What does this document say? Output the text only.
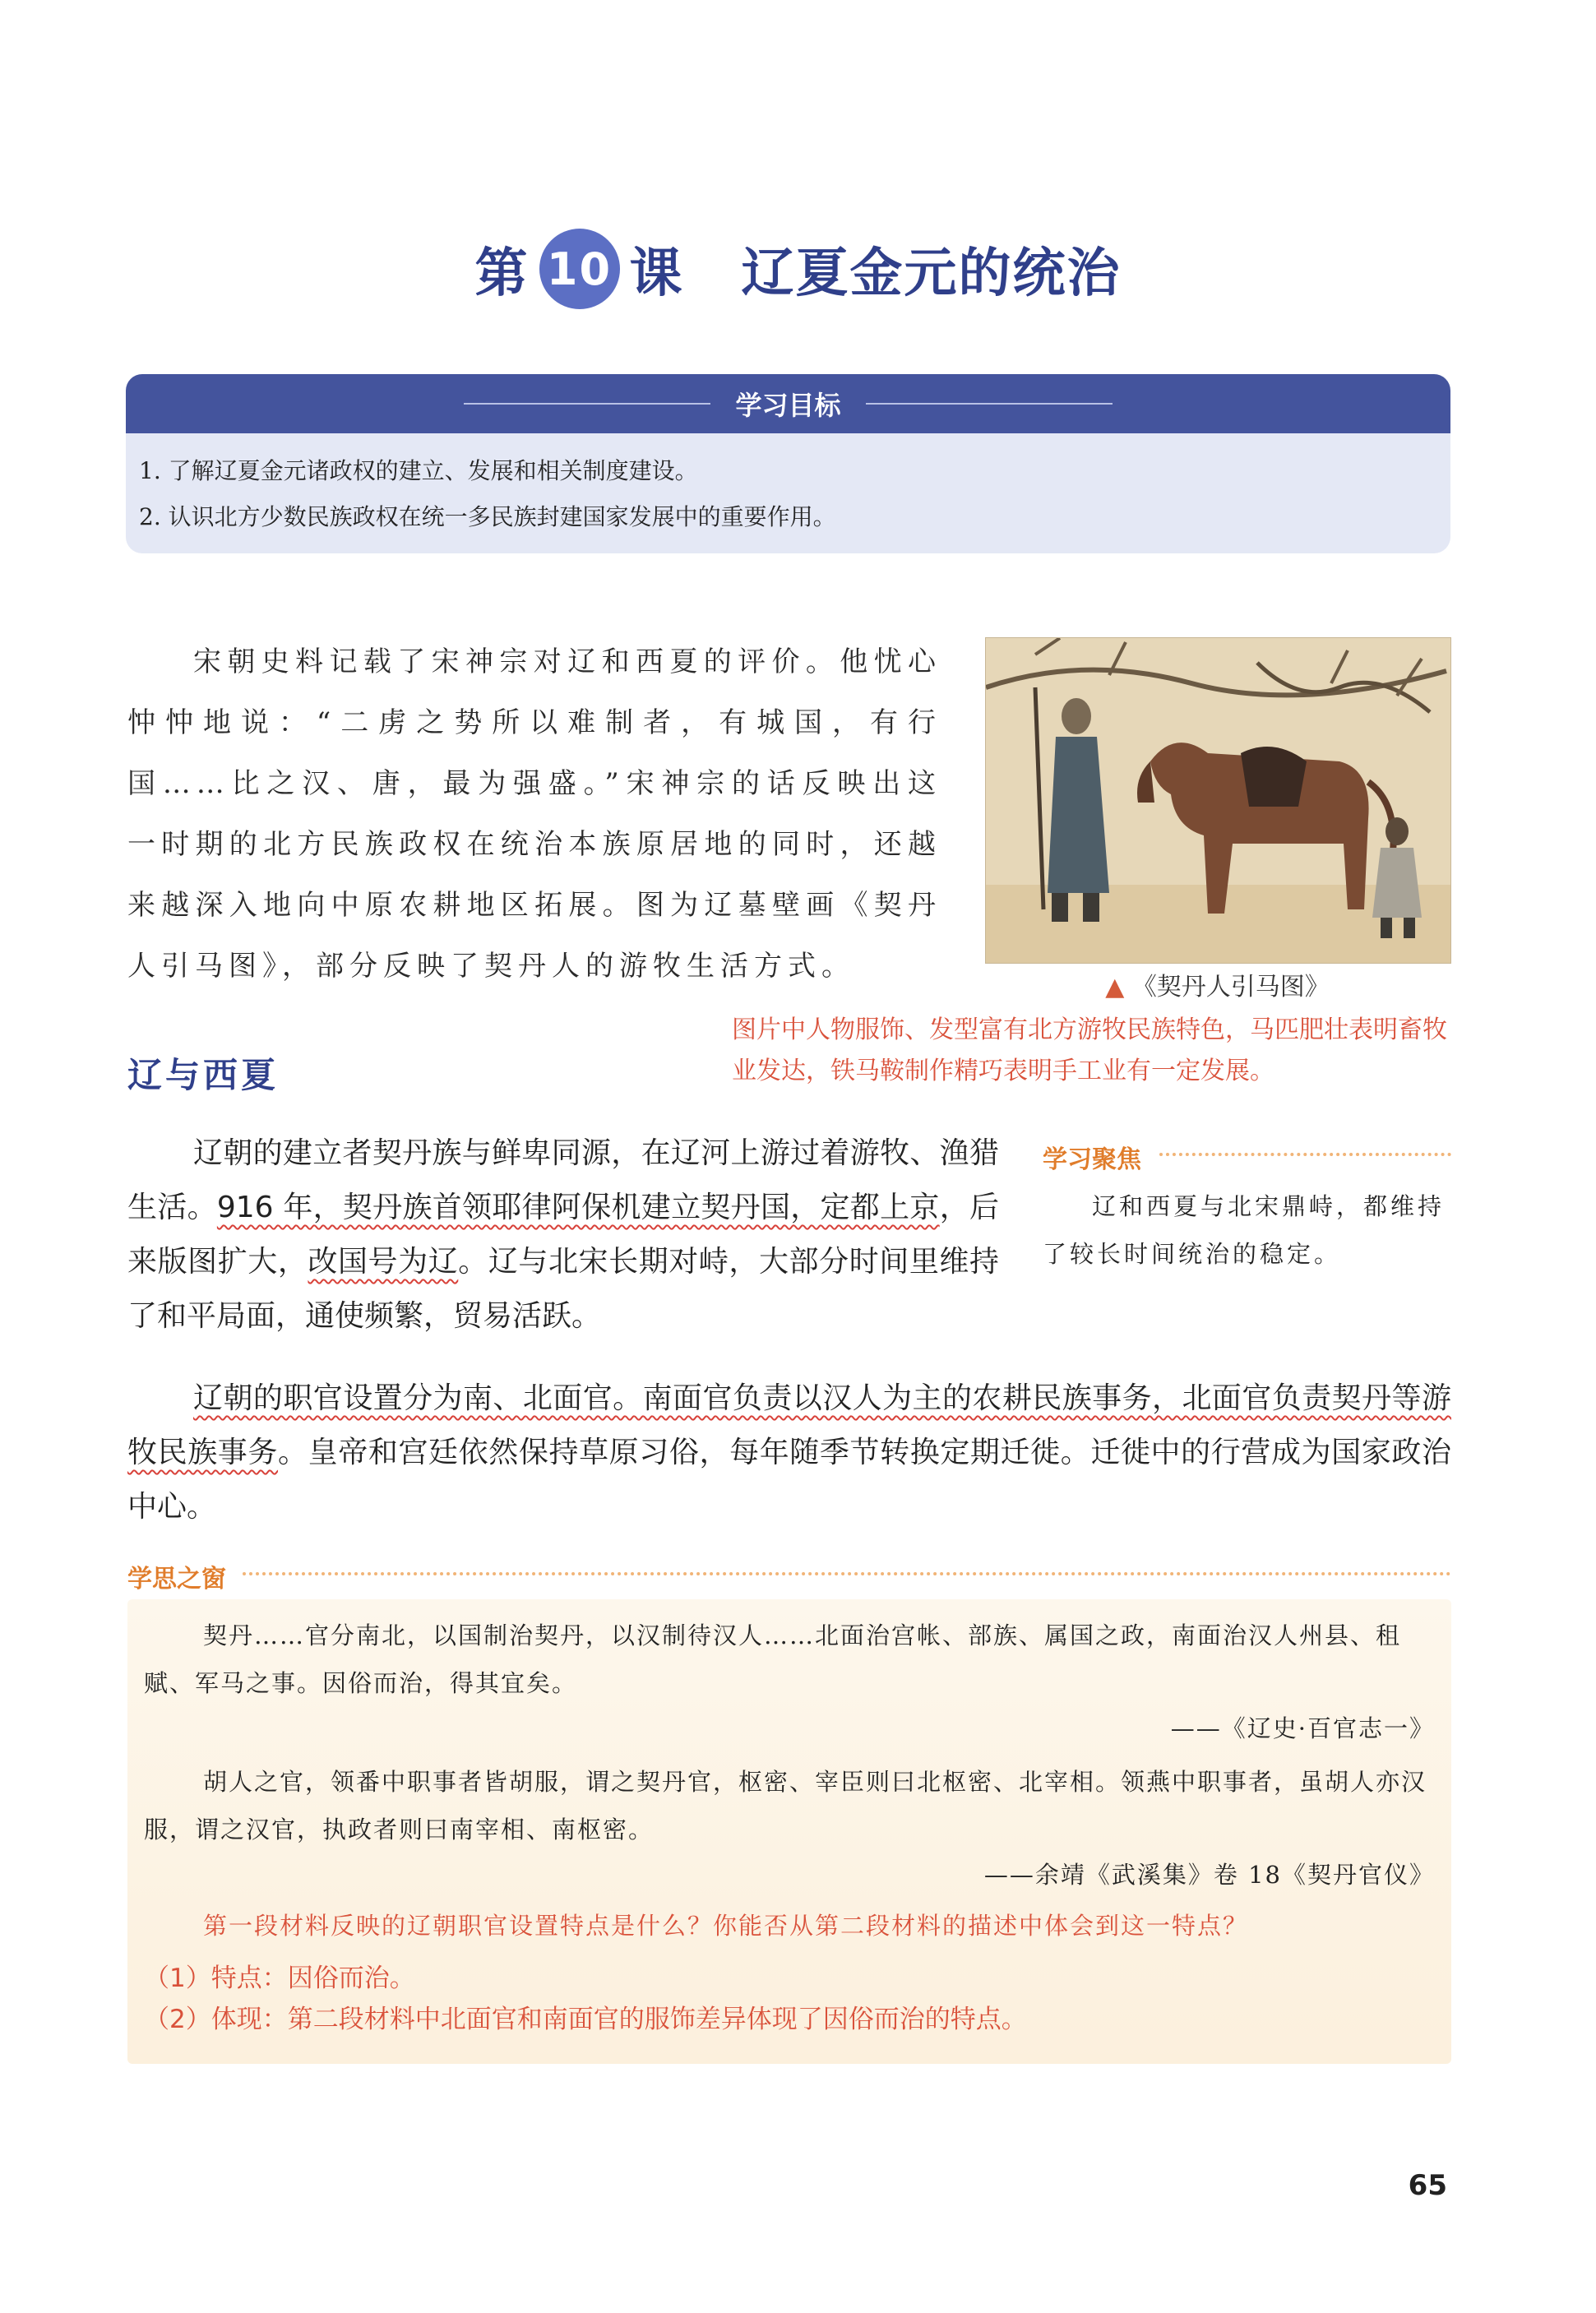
第 10 课 辽夏金元的统治
学习目标
1. 了解辽夏金元诸政权的建立、发展和相关制度建设。
2. 认识北方少数民族政权在统一多民族封建国家发展中的重要作用。
宋朝史料记载了宋神宗对辽和西夏的评价。他忧心忡忡地说：“二虏之势所以难制者，有城国，有行国……比之汉、唐，最为强盛。”宋神宗的话反映出这一时期的北方民族政权在统治本族原居地的同时，还越来越深入地向中原农耕地区拓展。图为辽墓壁画《契丹人引马图》，部分反映了契丹人的游牧生活方式。
▲ 《契丹人引马图》
图片中人物服饰、发型富有北方游牧民族特色，马匹肥壮表明畜牧业发达，铁马鞍制作精巧表明手工业有一定发展。
辽与西夏
辽朝的建立者契丹族与鲜卑同源，在辽河上游过着游牧、渔猎生活。916 年，契丹族首领耶律阿保机建立契丹国，定都上京，后来版图扩大，改国号为辽。辽与北宋长期对峙，大部分时间里维持了和平局面，通使频繁，贸易活跃。
学习聚焦
辽和西夏与北宋鼎峙，都维持了较长时间统治的稳定。
辽朝的职官设置分为南、北面官。南面官负责以汉人为主的农耕民族事务，北面官负责契丹等游牧民族事务。皇帝和宫廷依然保持草原习俗，每年随季节转换定期迁徙。迁徙中的行营成为国家政治中心。
学思之窗
契丹……官分南北，以国制治契丹，以汉制待汉人……北面治宫帐、部族、属国之政，南面治汉人州县、租赋、军马之事。因俗而治，得其宜矣。
——《辽史·百官志一》
胡人之官，领番中职事者皆胡服，谓之契丹官，枢密、宰臣则曰北枢密、北宰相。领燕中职事者，虽胡人亦汉服，谓之汉官，执政者则曰南宰相、南枢密。
——余靖《武溪集》卷 18《契丹官仪》
第一段材料反映的辽朝职官设置特点是什么？你能否从第二段材料的描述中体会到这一特点？
（1）特点：因俗而治。
（2）体现：第二段材料中北面官和南面官的服饰差异体现了因俗而治的特点。
65
